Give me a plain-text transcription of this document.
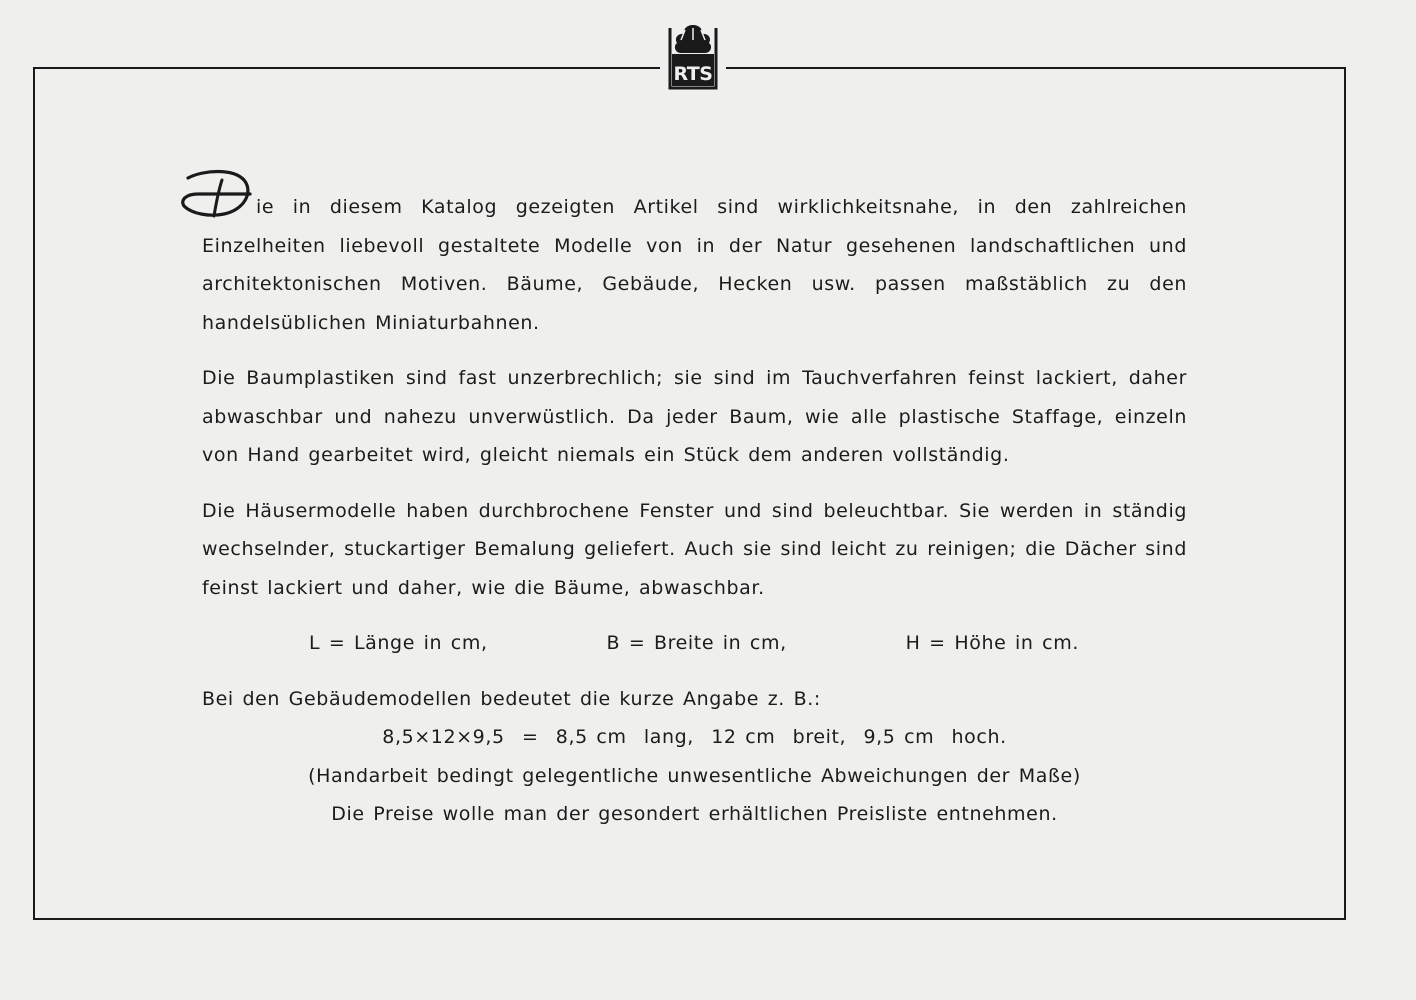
RTS

ie in diesem Katalog gezeigten Artikel sind wirklichkeitsnahe, in den zahlreichen Einzelheiten liebevoll gestaltete Modelle von in der Natur gesehenen landschaftlichen und architektonischen Motiven. Bäume, Gebäude, Hecken usw. passen maßstäblich zu den handelsüblichen Miniaturbahnen.

Die Baumplastiken sind fast unzerbrechlich; sie sind im Tauchverfahren feinst lackiert, daher abwaschbar und nahezu unverwüstlich. Da jeder Baum, wie alle plastische Staffage, einzeln von Hand gearbeitet wird, gleicht niemals ein Stück dem anderen vollständig.

Die Häusermodelle haben durchbrochene Fenster und sind beleuchtbar. Sie werden in ständig wechselnder, stuckartiger Bemalung geliefert. Auch sie sind leicht zu reinigen; die Dächer sind feinst lackiert und daher, wie die Bäume, abwaschbar.

L = Länge in cm,	B = Breite in cm,	H = Höhe in cm.

Bei den Gebäudemodellen bedeutet die kurze Angabe z. B.:

8,5×12×9,5  =  8,5 cm  lang,  12 cm  breit,  9,5 cm  hoch.

(Handarbeit bedingt gelegentliche unwesentliche Abweichungen der Maße)

Die Preise wolle man der gesondert erhältlichen Preisliste entnehmen.
